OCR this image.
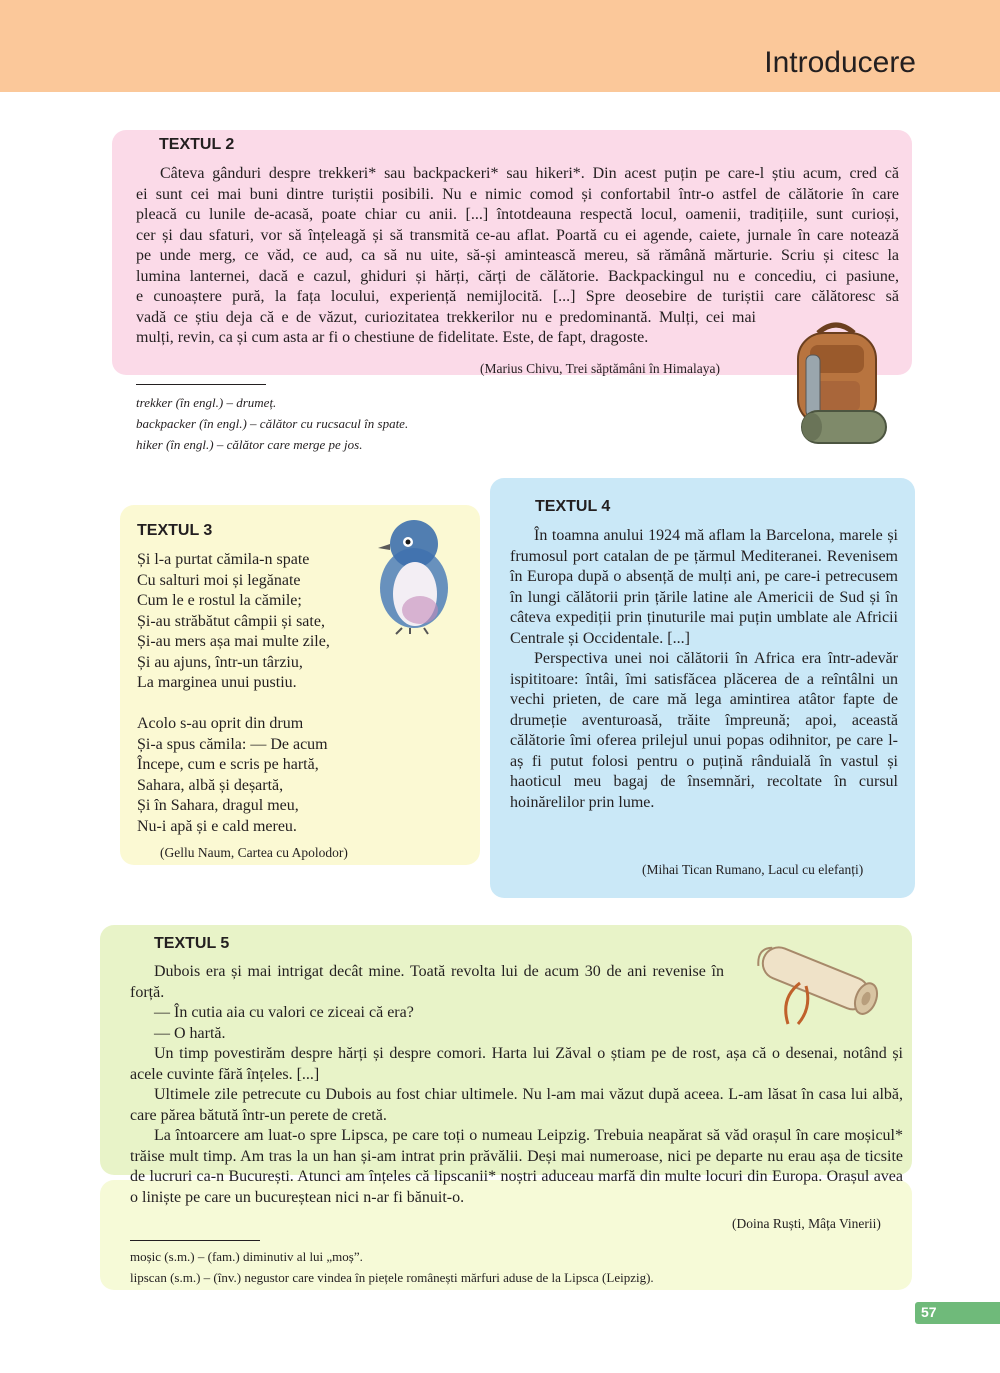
Introducere
TEXTUL 2
Câteva gânduri despre trekkeri* sau backpackeri* sau hikeri*. Din acest puțin pe care-l știu acum, cred că
ei sunt cei mai buni dintre turiștii posibili. Nu e nimic comod și confortabil într-o astfel de călătorie în care
pleacă cu lunile de-acasă, poate chiar cu anii. [...] întotdeauna respectă locul, oamenii, tradițiile, sunt curioși,
cer și dau sfaturi, vor să înțeleagă și să transmită ce-au aflat. Poartă cu ei agende, caiete, jurnale în care notează
pe unde merg, ce văd, ce aud, ca să nu uite, să-și amintească mereu, să rămână mărturie. Scriu și citesc la
lumina lanternei, dacă e cazul, ghiduri și hărți, cărți de călătorie. Backpackingul nu e concediu, ci pasiune,
e cunoaștere pură, la fața locului, experiență nemijlocită. [...] Spre deosebire de turiștii care călătoresc să
vadă ce știu deja că e de văzut, curiozitatea trekkerilor nu e predominantă. Mulți, cei mai
mulți, revin, ca și cum asta ar fi o chestiune de fidelitate. Este, de fapt, dragoste.
(Marius Chivu, Trei săptămâni în Himalaya)
trekker (în engl.) – drumeț.
backpacker (în engl.) – călător cu rucsacul în spate.
hiker (în engl.) – călător care merge pe jos.
TEXTUL 3
Și l-a purtat cămila-n spate
Cu salturi moi și legănate
Cum le e rostul la cămile;
Și-au străbătut câmpii și sate,
Și-au mers așa mai multe zile,
Și au ajuns, într-un târziu,
La marginea unui pustiu.
Acolo s-au oprit din drum
Și-a spus cămila: — De acum
Începe, cum e scris pe hartă,
Sahara, albă și deșartă,
Și în Sahara, dragul meu,
Nu-i apă și e cald mereu.
(Gellu Naum, Cartea cu Apolodor)
TEXTUL 4

În toamna anului 1924 mă aflam la Barcelona, marele și frumosul port catalan de pe țărmul Mediteranei. Revenisem în Europa după o absență de mulți ani, pe care-i petrecusem în lungi călătorii prin țările latine ale Americii de Sud și în câteva expediții prin ținuturile mai puțin umblate ale Africii Centrale și Occidentale. [...]

Perspectiva unei noi călătorii în Africa era într-adevăr ispititoare: întâi, îmi satisfăcea plăcerea de a reîntâlni un vechi prieten, de care mă lega amintirea atâtor fapte de drumeție aventuroasă, trăite împreună; apoi, această călătorie îmi oferea prilejul unui popas odihnitor, pe care l-aș fi putut folosi pentru o puțină rânduială în vastul și haoticul meu bagaj de însemnări, recoltate în cursul hoinărelilor prin lume.

(Mihai Tican Rumano, Lacul cu elefanți)
TEXTUL 5

Dubois era și mai intrigat decât mine. Toată revolta lui de acum 30 de ani revenise în forță.

— În cutia aia cu valori ce ziceai că era?

— O hartă.

Un timp povestirăm despre hărți și despre comori. Harta lui Zăval o știam pe de rost, așa că o desenai, notând și acele cuvinte fără înțeles. [...]

Ultimele zile petrecute cu Dubois au fost chiar ultimele. Nu l-am mai văzut după aceea. L-am lăsat în casa lui albă, care părea bătută într-un perete de cretă.

La întoarcere am luat-o spre Lipsca, pe care toți o numeau Leipzig. Trebuia neapărat să văd orașul în care moșicul* trăise mult timp. Am tras la un han și-am intrat prin prăvălii. Deși mai numeroase, nici pe departe nu erau așa de ticsite de lucruri ca-n București. Atunci am înțeles că lipscanii* noștri aduceau marfă din multe locuri din Europa. Orașul avea o liniște pe care un bucureștean nici n-ar fi bănuit-o.

(Doina Ruști, Mâța Vinerii)
moșic (s.m.) – (fam.) diminutiv al lui „moș”.
lipscan (s.m.) – (înv.) negustor care vindea în piețele românești mărfuri aduse de la Lipsca (Leipzig).
57
